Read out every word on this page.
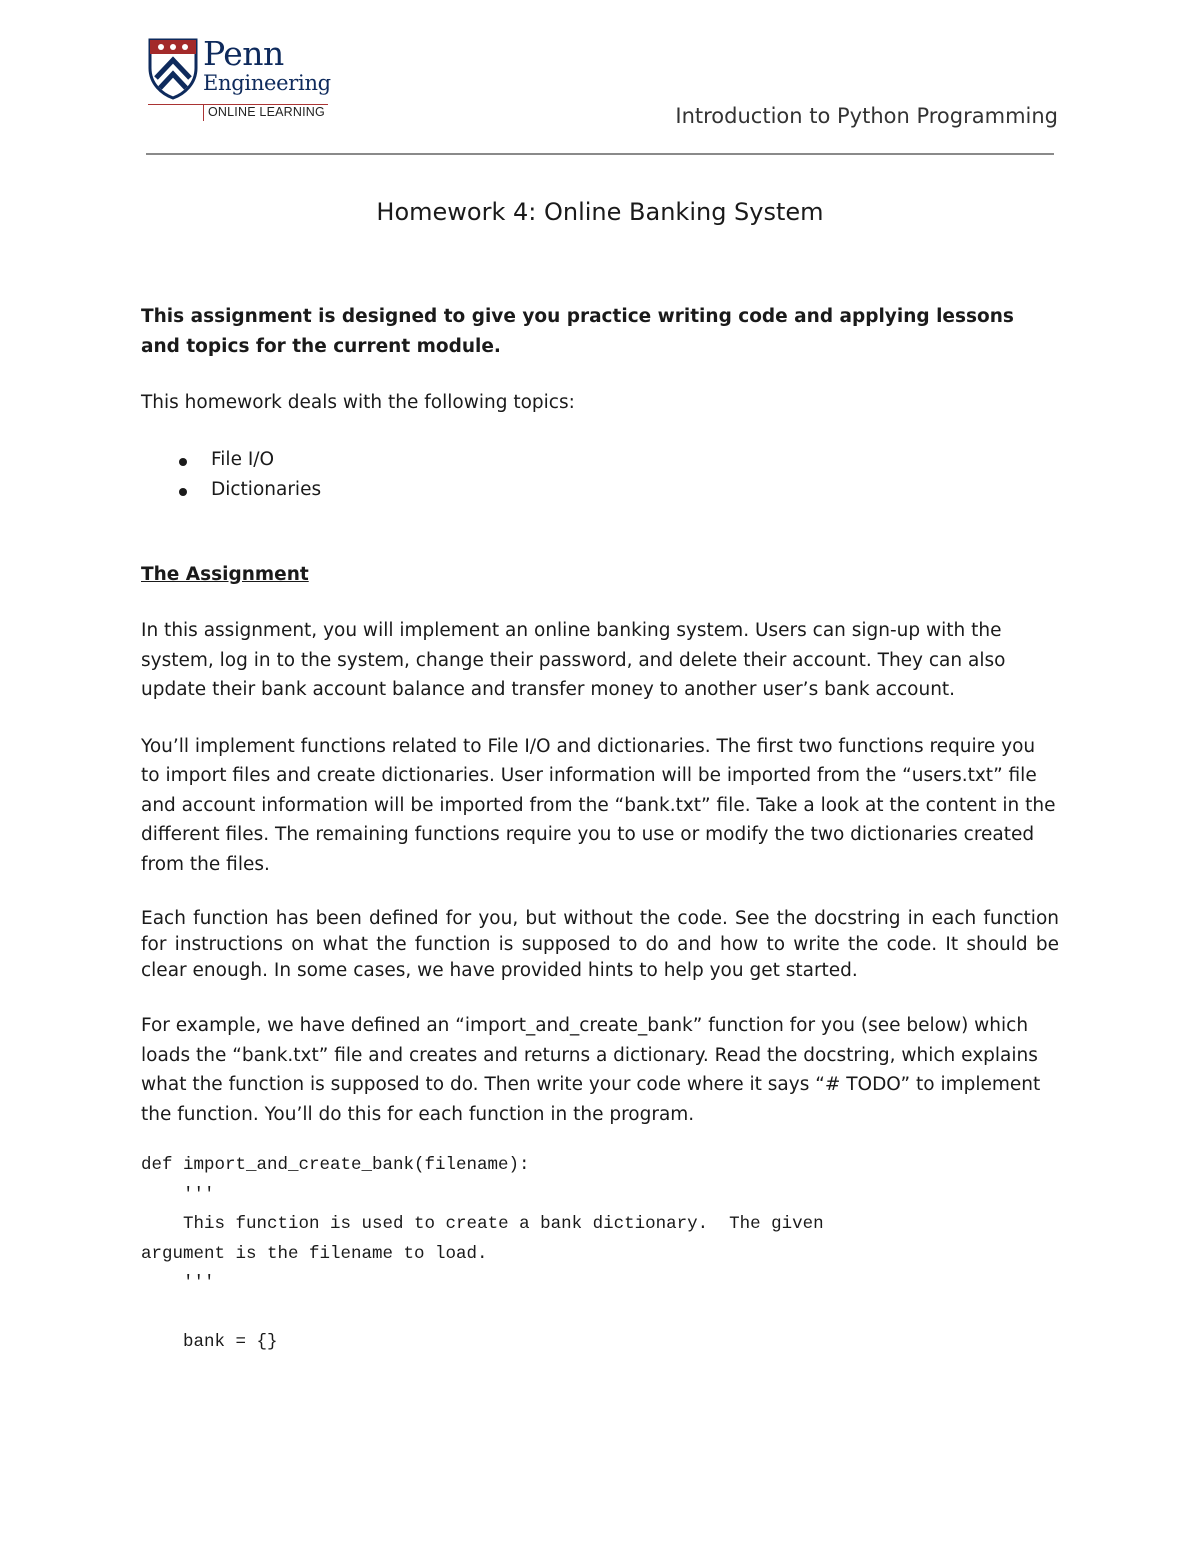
Penn
Engineering
ONLINE LEARNING	Introduction to Python Programming
Homework 4: Online Banking System

This assignment is designed to give you practice writing code and applying lessons and topics for the current module.

This homework deals with the following topics:

File I/O
Dictionaries

The Assignment

In this assignment, you will implement an online banking system. Users can sign-up with the system, log in to the system, change their password, and delete their account. They can also update their bank account balance and transfer money to another user’s bank account.

You’ll implement functions related to File I/O and dictionaries. The first two functions require you to import files and create dictionaries. User information will be imported from the “users.txt” file and account information will be imported from the “bank.txt” file. Take a look at the content in the different files. The remaining functions require you to use or modify the two dictionaries created from the files.

Each function has been defined for you, but without the code. See the docstring in each function for instructions on what the function is supposed to do and how to write the code. It should be clear enough. In some cases, we have provided hints to help you get started.

For example, we have defined an “import_and_create_bank” function for you (see below) which loads the “bank.txt” file and creates and returns a dictionary. Read the docstring, which explains what the function is supposed to do. Then write your code where it says “# TODO” to implement the function. You’ll do this for each function in the program.

def import_and_create_bank(filename):
'''
This function is used to create a bank dictionary.  The given
argument is the filename to load.
'''

bank = {}
